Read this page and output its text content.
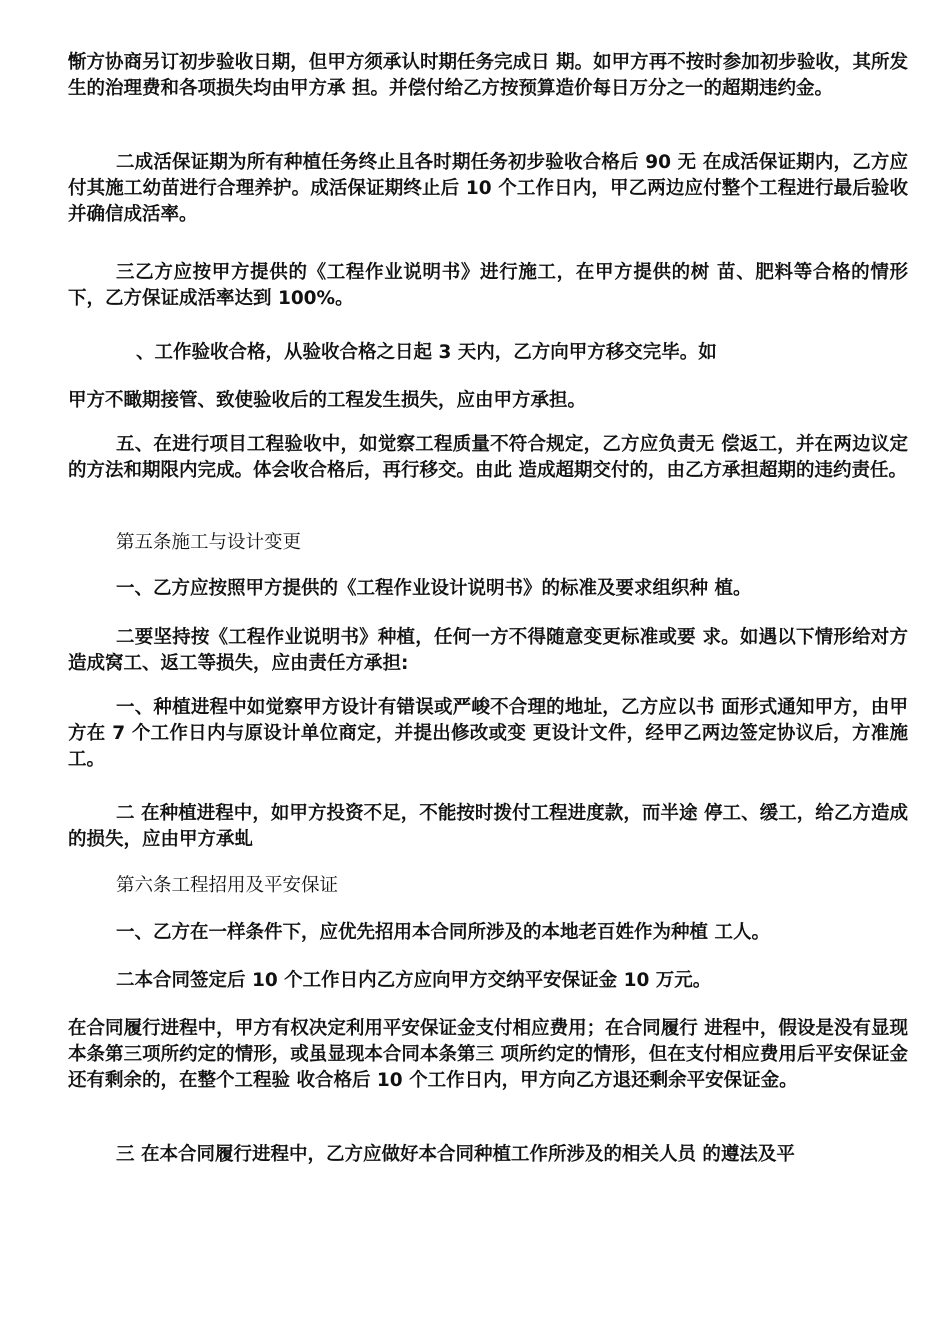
惭方协商另订初步验收日期，但甲方须承认时期任务完成日 期。如甲方再不按时参加初步验收，其所发生的治理费和各项损失均由甲方承 担。并偿付给乙方按预算造价每日万分之一的超期违约金。

二成活保证期为所有种植任务终止且各时期任务初步验收合格后 90 无 在成活保证期内，乙方应付其施工幼苗进行合理养护。成活保证期终止后 10 个工作日内，甲乙两边应付整个工程进行最后验收并确信成活率。

三乙方应按甲方提供的《工程作业说明书》进行施工，在甲方提供的树 苗、肥料等合格的情形下，乙方保证成活率达到 100%。

、工作验收合格，从验收合格之日起 3 天内，乙方向甲方移交完毕。如

甲方不瞰期接管、致使验收后的工程发生损失，应由甲方承担。

五、在进行项目工程验收中，如觉察工程质量不符合规定，乙方应负责无 偿返工，并在两边议定的方法和期限内完成。体会收合格后，再行移交。由此 造成超期交付的，由乙方承担超期的违约责任。

第五条施工与设计变更

一、乙方应按照甲方提供的《工程作业设计说明书》的标准及要求组织种 植。

二要坚持按《工程作业说明书》种植，任何一方不得随意变更标准或要 求。如遇以下情形给对方造成窝工、返工等损失，应由责任方承担:

一、种植进程中如觉察甲方设计有错误或严峻不合理的地址，乙方应以书 面形式通知甲方，由甲方在 7 个工作日内与原设计单位商定，并提出修改或变 更设计文件，经甲乙两边签定协议后，方准施工。

二 在种植进程中，如甲方投资不足，不能按时拨付工程进度款，而半途 停工、缓工，给乙方造成的损失，应由甲方承虬

第六条工程招用及平安保证

一、乙方在一样条件下，应优先招用本合同所涉及的本地老百姓作为种植 工人。

二本合同签定后 10 个工作日内乙方应向甲方交纳平安保证金 10 万元。

在合同履行进程中，甲方有权决定利用平安保证金支付相应费用；在合同履行 进程中，假设是没有显现本条第三项所约定的情形，或虽显现本合同本条第三 项所约定的情形，但在支付相应费用后平安保证金还有剩余的，在整个工程验 收合格后 10 个工作日内，甲方向乙方退还剩余平安保证金。

三 在本合同履行进程中，乙方应做好本合同种植工作所涉及的相关人员 的遵法及平
